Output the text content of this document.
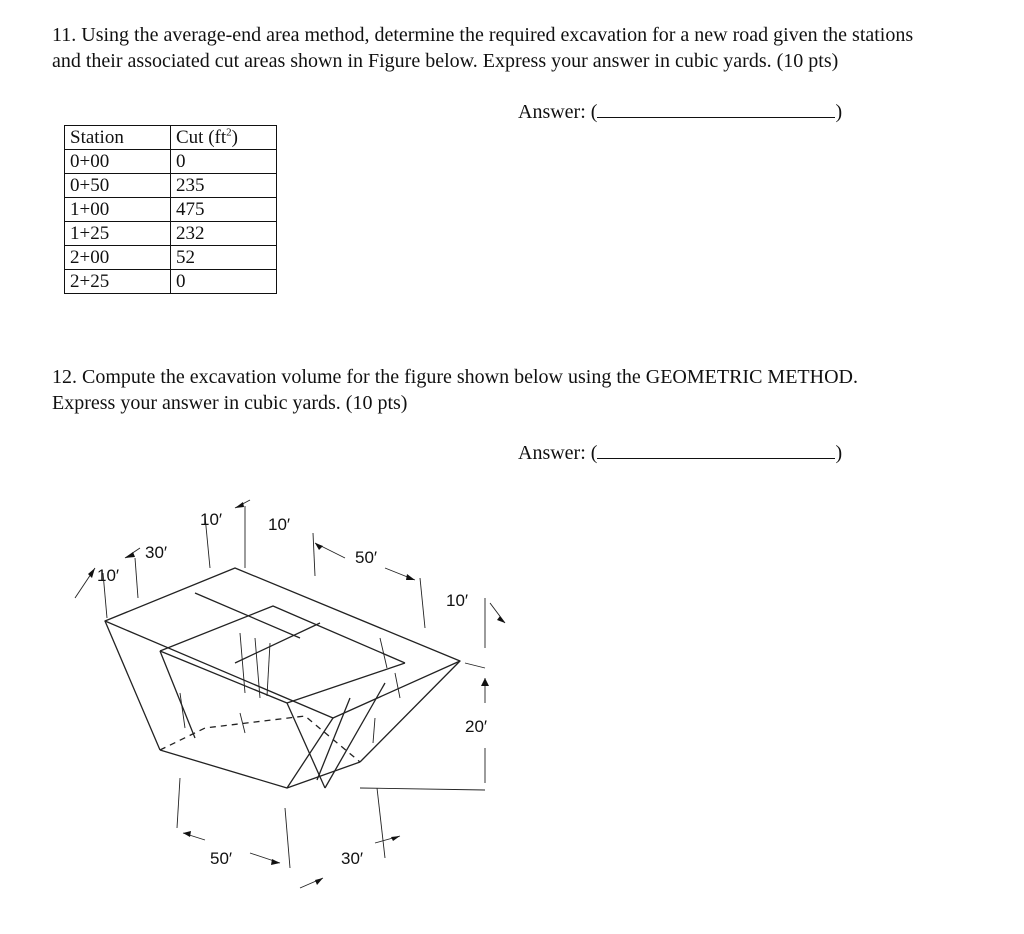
11. Using the average-end area method, determine the required excavation for a new road given the stations and their associated cut areas shown in Figure below. Express your answer in cubic yards. (10 pts)
Answer: (	)
Station	Cut $(ft^2)$
0+00	0
0+50	235
1+00	475
1+25	232
2+00	52
2+25	0
12. Compute the excavation volume for the figure shown below using the GEOMETRIC METHOD. Express your answer in cubic yards. (10 pts)
Answer: (	)
10′
30′
10′	10′
50′
10′
20′
50′	30′
